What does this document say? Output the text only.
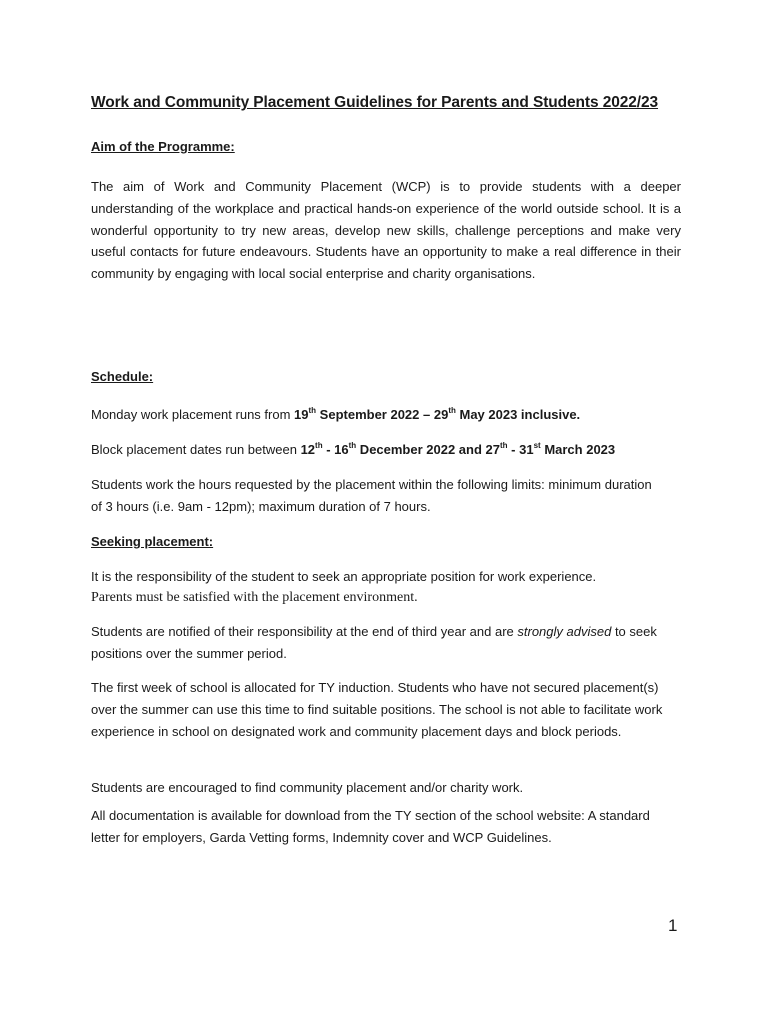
Work and Community Placement Guidelines for Parents and Students 2022/23
Aim of the Programme:

The aim of Work and Community Placement (WCP) is to provide students with a deeper understanding of the workplace and practical hands-on experience of the world outside school. It is a wonderful opportunity to try new areas, develop new skills, challenge perceptions and make very useful contacts for future endeavours. Students have an opportunity to make a real difference in their community by engaging with local social enterprise and charity organisations.

Schedule:

Monday work placement runs from 19th September 2022 – 29th May 2023 inclusive.

Block placement dates run between 12th - 16th December 2022 and 27th - 31st March 2023

Students work the hours requested by the placement within the following limits: minimum duration of 3 hours (i.e. 9am - 12pm); maximum duration of 7 hours.

Seeking placement:

It is the responsibility of the student to seek an appropriate position for work experience.

Parents must be satisfied with the placement environment.

Students are notified of their responsibility at the end of third year and are strongly advised to seek positions over the summer period.

The first week of school is allocated for TY induction. Students who have not secured placement(s) over the summer can use this time to find suitable positions. The school is not able to facilitate work experience in school on designated work and community placement days and block periods.

Students are encouraged to find community placement and/or charity work.

All documentation is available for download from the TY section of the school website: A standard letter for employers, Garda Vetting forms, Indemnity cover and WCP Guidelines.

1
